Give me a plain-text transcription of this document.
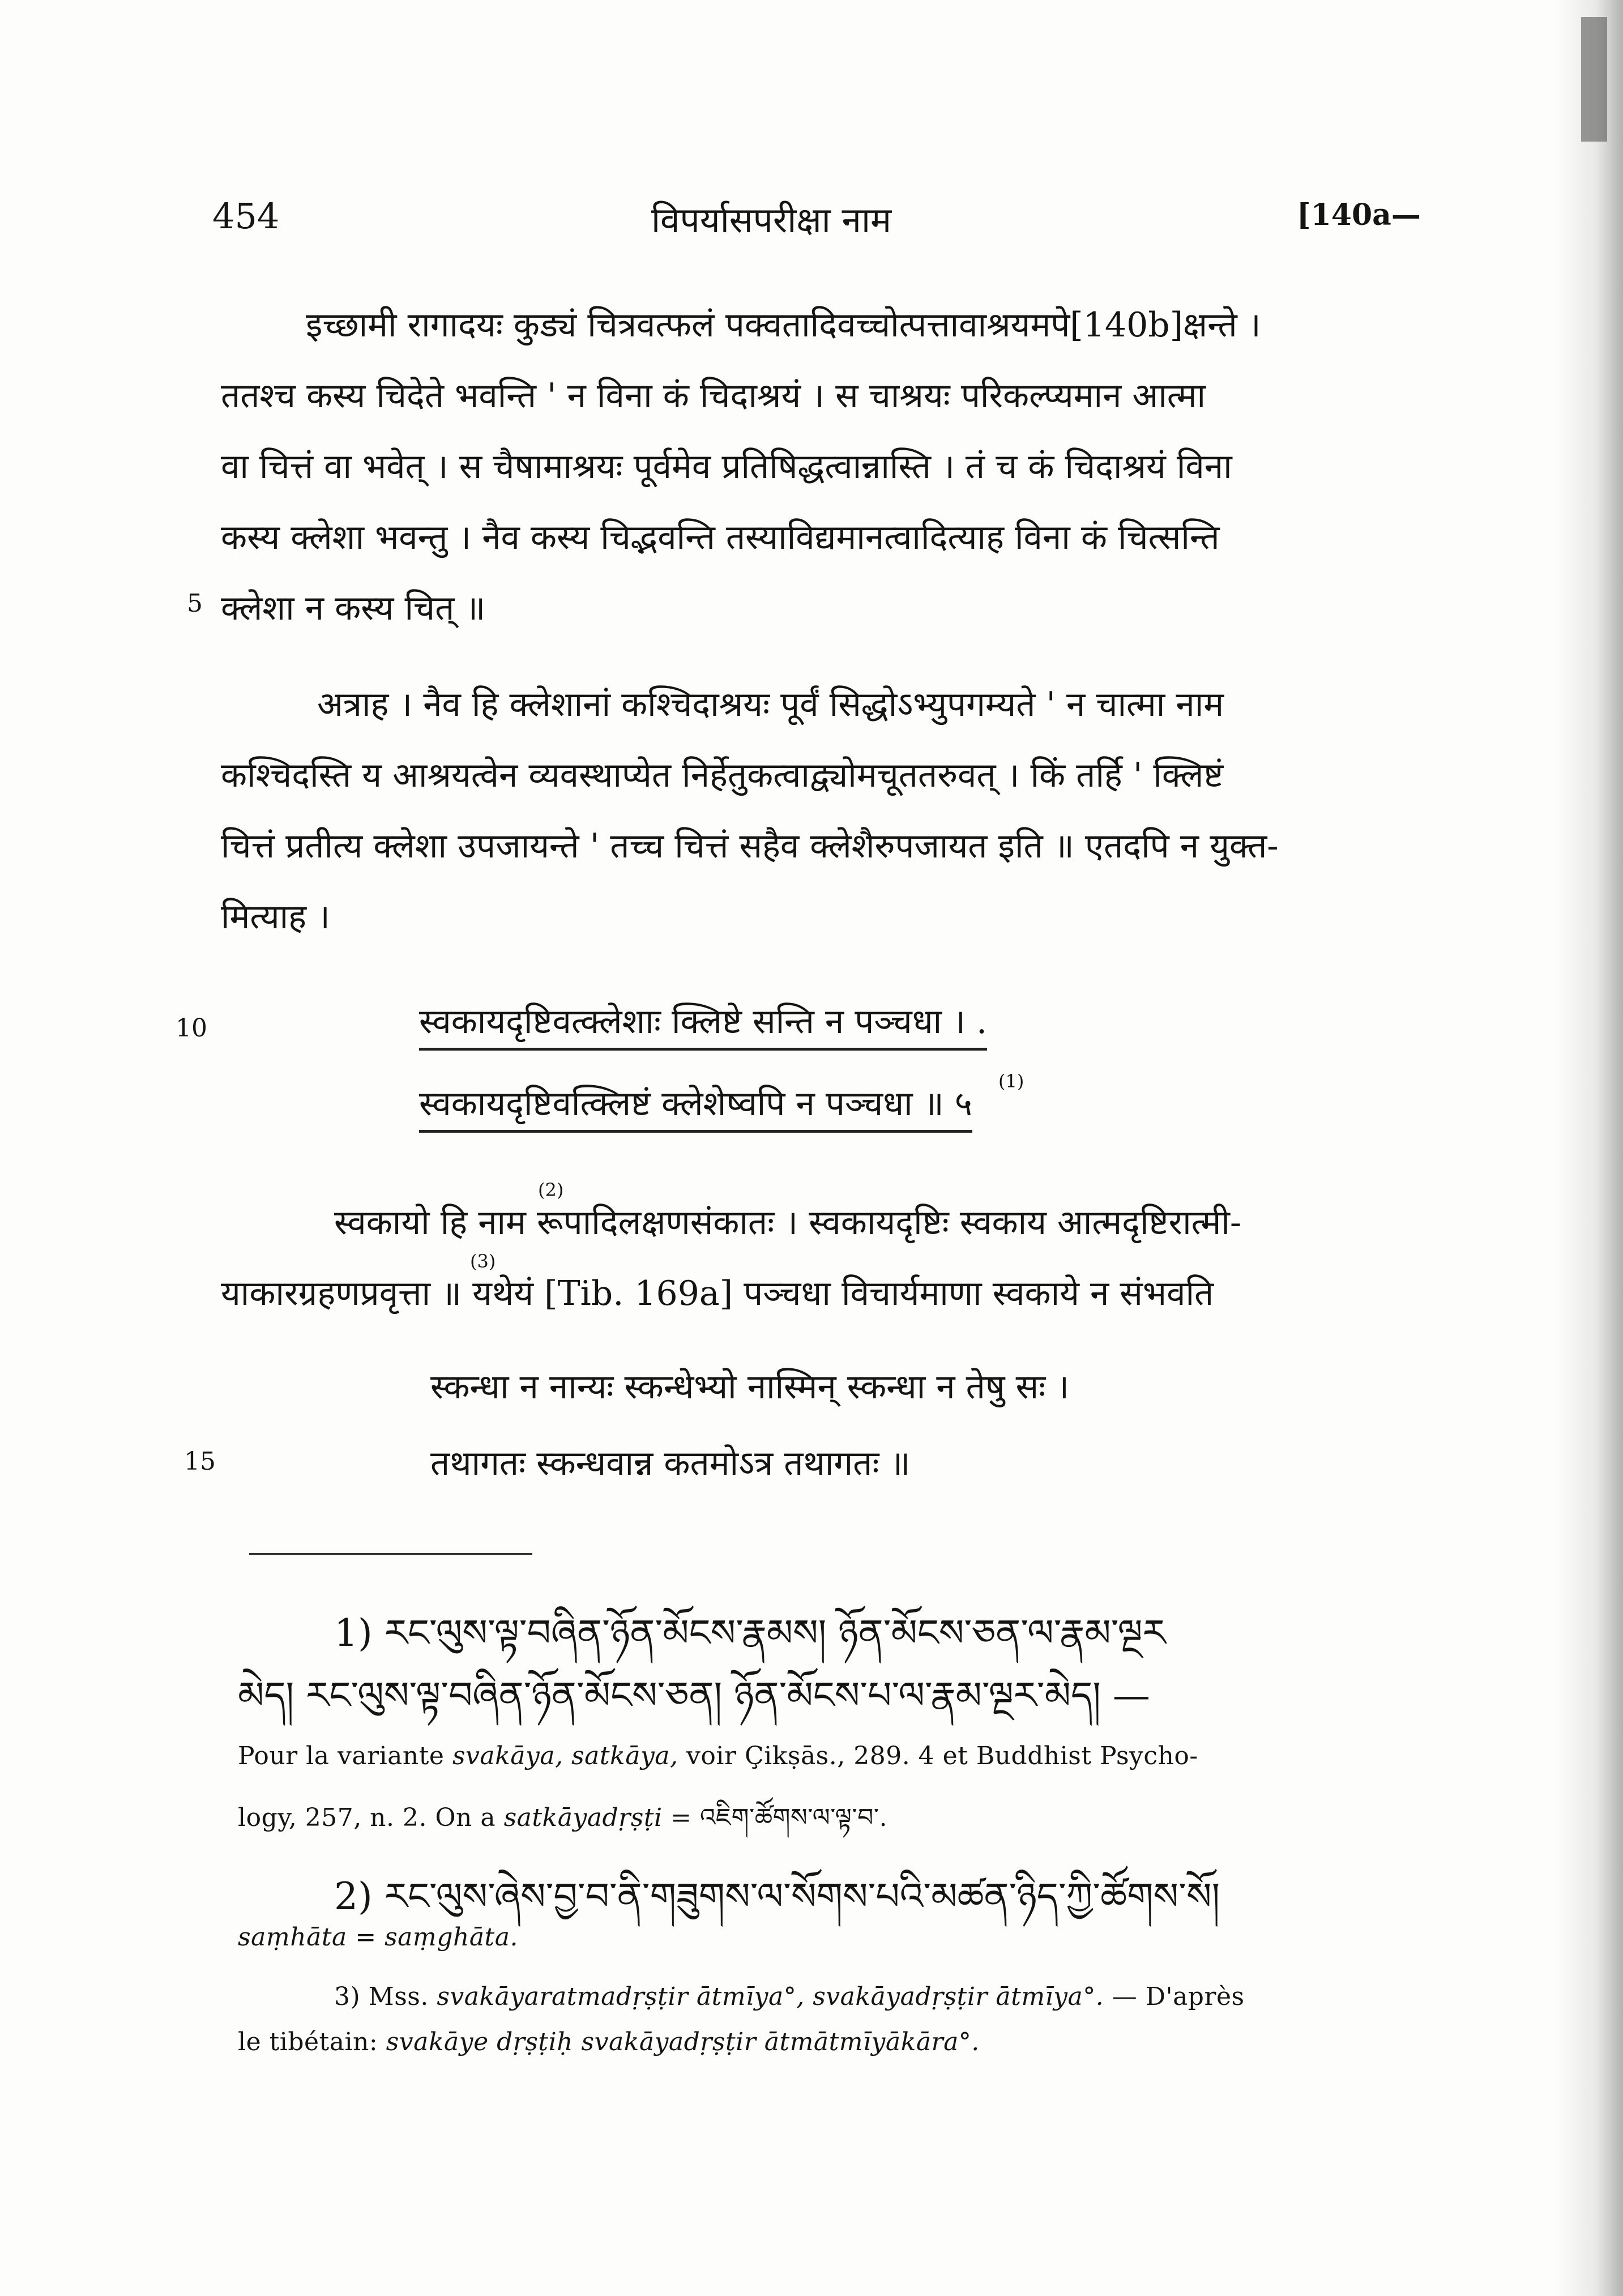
454	विपर्यासपरीक्षा नाम	[140a—
इच्छामी रागादयः कुड्यं चित्रवत्फलं पक्वतादिवच्चोत्पत्तावाश्रयमपे[140b]क्षन्ते ।
ततश्च कस्य चिदेते भवन्ति ' न विना कं चिदाश्रयं । स चाश्रयः परिकल्प्यमान आत्मा
वा चित्तं वा भवेत् । स चैषामाश्रयः पूर्वमेव प्रतिषिद्धत्वान्नास्ति । तं च कं चिदाश्रयं विना
कस्य क्लेशा भवन्तु । नैव कस्य चिद्भवन्ति तस्याविद्यमानत्वादित्याह विना कं चित्सन्ति
5 क्लेशा न कस्य चित् ॥
अत्राह । नैव हि क्लेशानां कश्चिदाश्रयः पूर्वं सिद्धोऽभ्युपगम्यते ' न चात्मा नाम
कश्चिदस्ति य आश्रयत्वेन व्यवस्थाप्येत निर्हेतुकत्वाद्व्योमचूततरुवत् । किं तर्हि ' क्लिष्टं
चित्तं प्रतीत्य क्लेशा उपजायन्ते ' तच्च चित्तं सहैव क्लेशैरुपजायत इति ॥ एतदपि न युक्त-
मित्याह ।
10	स्वकायदृष्टिवत्क्लेशाः क्लिष्टे सन्ति न पञ्चधा । .
(1)
स्वकायदृष्टिवत्क्लिष्टं क्लेशेष्वपि न पञ्चधा ॥ ५
(2)
स्वकायो हि नाम रूपादिलक्षणसंकातः । स्वकायदृष्टिः स्वकाय आत्मदृष्टिरात्मी-
(3)
याकारग्रहणप्रवृत्ता ॥ यथेयं [Tib. 169a] पञ्चधा विचार्यमाणा स्वकाये न संभवति
स्कन्धा न नान्यः स्कन्धेभ्यो नास्मिन् स्कन्धा न तेषु सः ।
15	तथागतः स्कन्धवान्न कतमोऽत्र तथागतः ॥
1) རང་ལུས་ལྟ་བཞིན་ཉོན་མོངས་རྣམས། ཉོན་མོངས་ཅན་ལ་རྣམ་ལྔར
མེད། རང་ལུས་ལྟ་བཞིན་ཉོན་མོངས་ཅན། ཉོན་མོངས་པ་ལ་རྣམ་ལྔར་མེད། —
Pour la variante svakāya, satkāya, voir Çikṣās., 289. 4 et Buddhist Psycho-
logy, 257, n. 2. On a satkāyadṛṣṭi = འཇིག་ཚོགས་ལ་ལྟ་བ་.
2) རང་ལུས་ཞེས་བྱ་བ་ནི་གཟུགས་ལ་སོགས་པའི་མཚན་ཉིད་ཀྱི་ཚོགས་སོ།
saṃhāta = saṃghāta.
3) Mss. svakāyaratmadṛṣṭir ātmīya°, svakāyadṛṣṭir ātmīya°. — D'après
le tibétain: svakāye dṛṣṭiḥ svakāyadṛṣṭir ātmātmīyākāra°.
